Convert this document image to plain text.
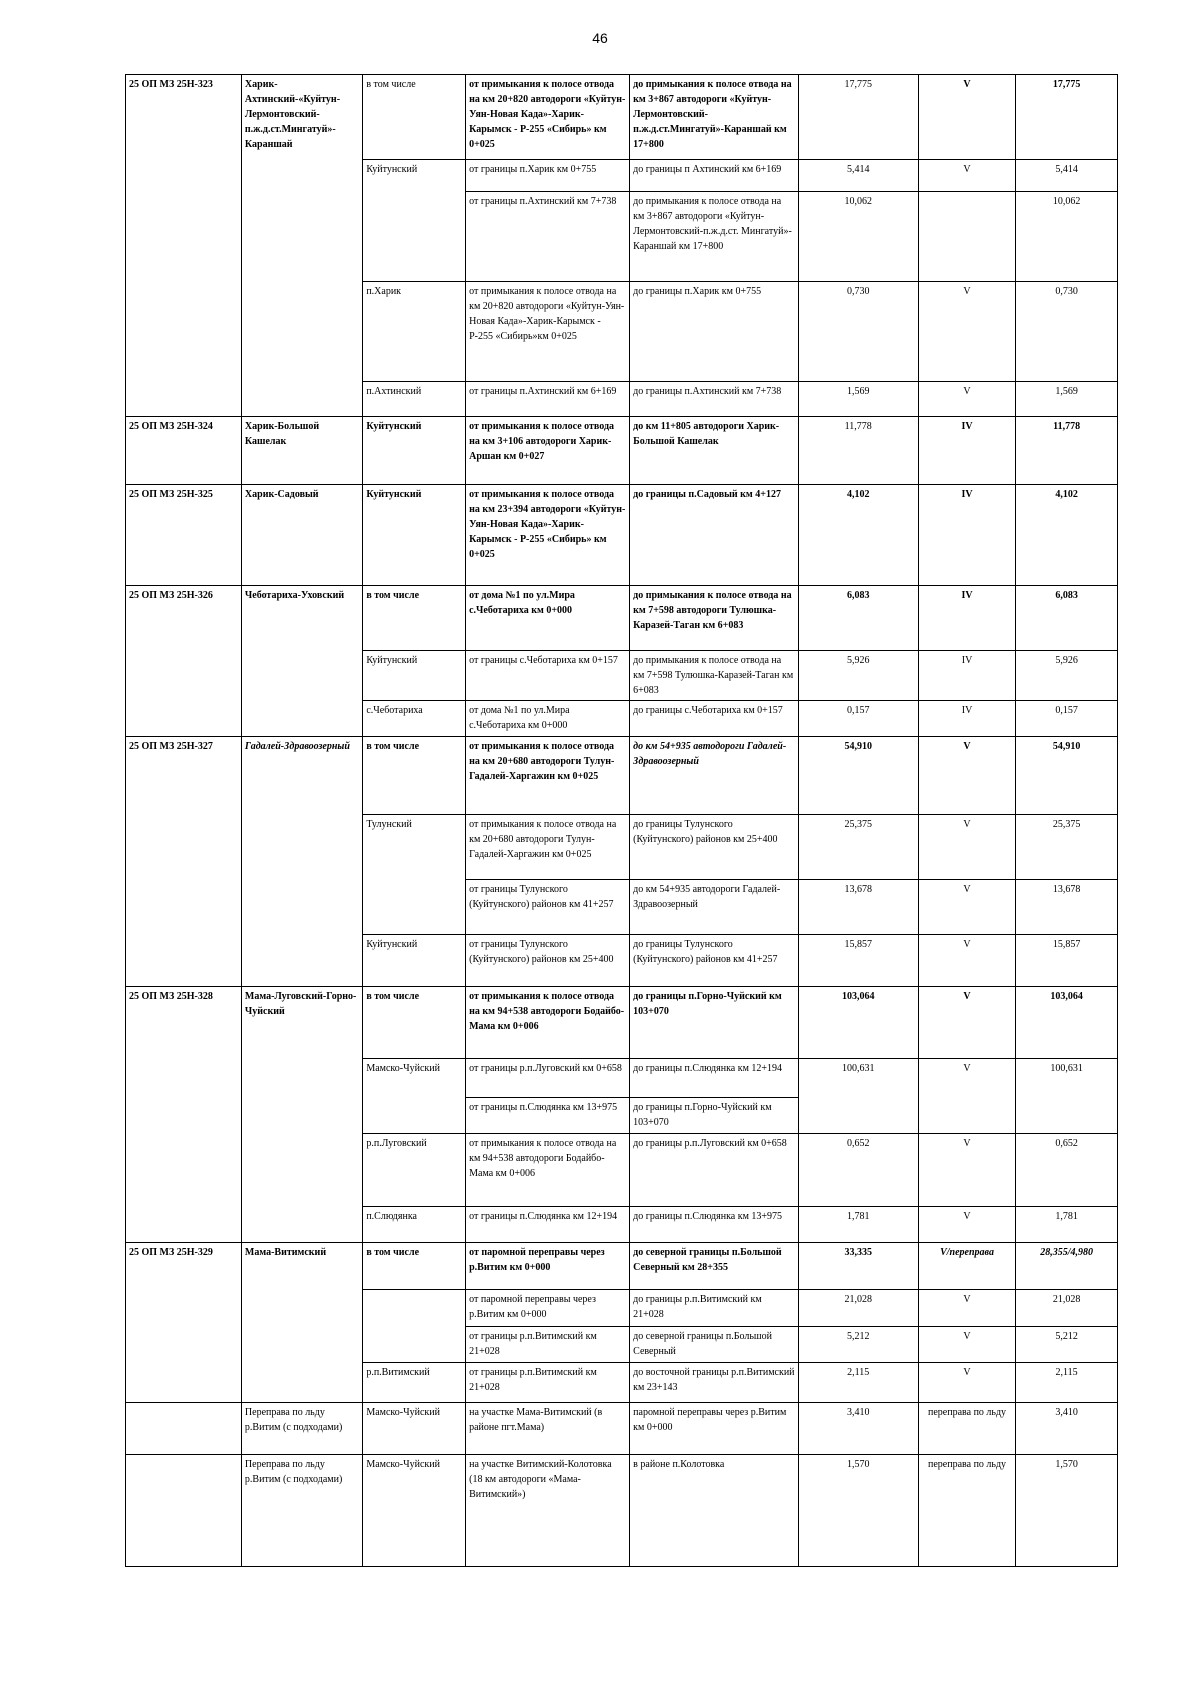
46
25 ОП МЗ 25Н-323	Харик-Ахтинский-«Куйтун-Лермонтовский-п.ж.д.ст.Мингатуй»-Караншай	в том числе	от примыкания к полосе отвода на км 20+820 автодороги «Куйтун-Уян-Новая Када»-Харик-Карымск - Р-255 «Сибирь» км 0+025	до примыкания к полосе отвода на км 3+867 автодороги «Куйтун-Лермонтовский-п.ж.д.ст.Мингатуй»-Караншай км 17+800	17,775	V	17,775
		Куйтунский	от границы п.Харик км 0+755	до границы п Ахтинский км 6+169	5,414	V	5,414
			от границы п.Ахтинский км 7+738	до примыкания к полосе отвода на км 3+867 автодороги «Куйтун-Лермонтовский-п.ж.д.ст. Мингатуй»-Караншай км 17+800	10,062		10,062
		п.Харик	от примыкания к полосе отвода на км 20+820 автодороги «Куйтун-Уян-Новая Када»-Харик-Карымск - Р-255 «Сибирь»км 0+025	до границы п.Харик км 0+755	0,730	V	0,730
		п.Ахтинский	от границы п.Ахтинский км 6+169	до границы п.Ахтинский км 7+738	1,569	V	1,569
25 ОП МЗ 25Н-324	Харик-Большой Кашелак	Куйтунский	от примыкания к полосе отвода на км 3+106 автодороги Харик-Аршан км 0+027	до км 11+805 автодороги Харик-Большой Кашелак	11,778	IV	11,778
25 ОП МЗ 25Н-325	Харик-Садовый	Куйтунский	от примыкания к полосе отвода на км 23+394 автодороги «Куйтун-Уян-Новая Када»-Харик-Карымск - Р-255 «Сибирь» км 0+025	до границы п.Садовый км 4+127	4,102	IV	4,102
25 ОП МЗ 25Н-326	Чеботариха-Уховский	в том числе	от дома №1 по ул.Мира с.Чеботариха км 0+000	до примыкания к полосе отвода на км 7+598 автодороги Тулюшка-Каразей-Таган км 6+083	6,083	IV	6,083
		Куйтунский	от границы с.Чеботариха км 0+157	до примыкания к полосе отвода на км 7+598 Тулюшка-Каразей-Таган км 6+083	5,926	IV	5,926
		с.Чеботариха	от дома №1 по ул.Мира с.Чеботариха км 0+000	до границы с.Чеботариха км 0+157	0,157	IV	0,157
25 ОП МЗ 25Н-327	Гадалей-Здравоозерный	в том числе	от примыкания к полосе отвода на км 20+680 автодороги Тулун-Гадалей-Харгажин км 0+025	до км 54+935 автодороги Гадалей-Здравоозерный	54,910	V	54,910
		Тулунский	от примыкания к полосе отвода на км 20+680 автодороги Тулун-Гадалей-Харгажин км 0+025	до границы Тулунского (Куйтунского) районов км 25+400	25,375	V	25,375
			от границы Тулунского (Куйтунского) районов км 41+257	до км 54+935 автодороги Гадалей-Здравоозерный	13,678	V	13,678
		Куйтунский	от границы Тулунского (Куйтунского) районов км 25+400	до границы Тулунского (Куйтунского) районов км 41+257	15,857	V	15,857
25 ОП МЗ 25Н-328	Мама-Луговский-Горно-Чуйский	в том числе	от примыкания к полосе отвода на км 94+538 автодороги Бодайбо-Мама км 0+006	до границы п.Горно-Чуйский км 103+070	103,064	V	103,064
		Мамско-Чуйский	от границы р.п.Луговский км 0+658	до границы п.Слюдянка км 12+194	100,631	V	100,631
			от границы п.Слюдянка км 13+975	до границы п.Горно-Чуйский км 103+070			
		р.п.Луговский	от примыкания к полосе отвода на км 94+538 автодороги Бодайбо-Мама км 0+006	до границы р.п.Луговский км 0+658	0,652	V	0,652
		п.Слюдянка	от границы п.Слюдянка км 12+194	до границы п.Слюдянка км 13+975	1,781	V	1,781
25 ОП МЗ 25Н-329	Мама-Витимский	в том числе	от паромной переправы через р.Витим км 0+000	до северной границы п.Большой Северный км 28+355	33,335	V/переправа	28,355/4,980
			от паромной переправы через р.Витим км 0+000	до границы р.п.Витимский км 21+028	21,028	V	21,028
			от границы р.п.Витимский км 21+028	до северной границы п.Большой Северный	5,212	V	5,212
		р.п.Витимский	от границы р.п.Витимский км 21+028	до восточной границы р.п.Витимский км 23+143	2,115	V	2,115
	Переправа по льду р.Витим (с подходами)	Мамско-Чуйский	на участке Мама-Витимский (в районе пгт.Мама)	паромной переправы через р.Витим км 0+000	3,410	переправа по льду	3,410
	Переправа по льду р.Витим (с подходами)	Мамско-Чуйский	на участке Витимский-Колотовка (18 км автодороги «Мама-Витимский»)	в районе п.Колотовка	1,570	переправа по льду	1,570
